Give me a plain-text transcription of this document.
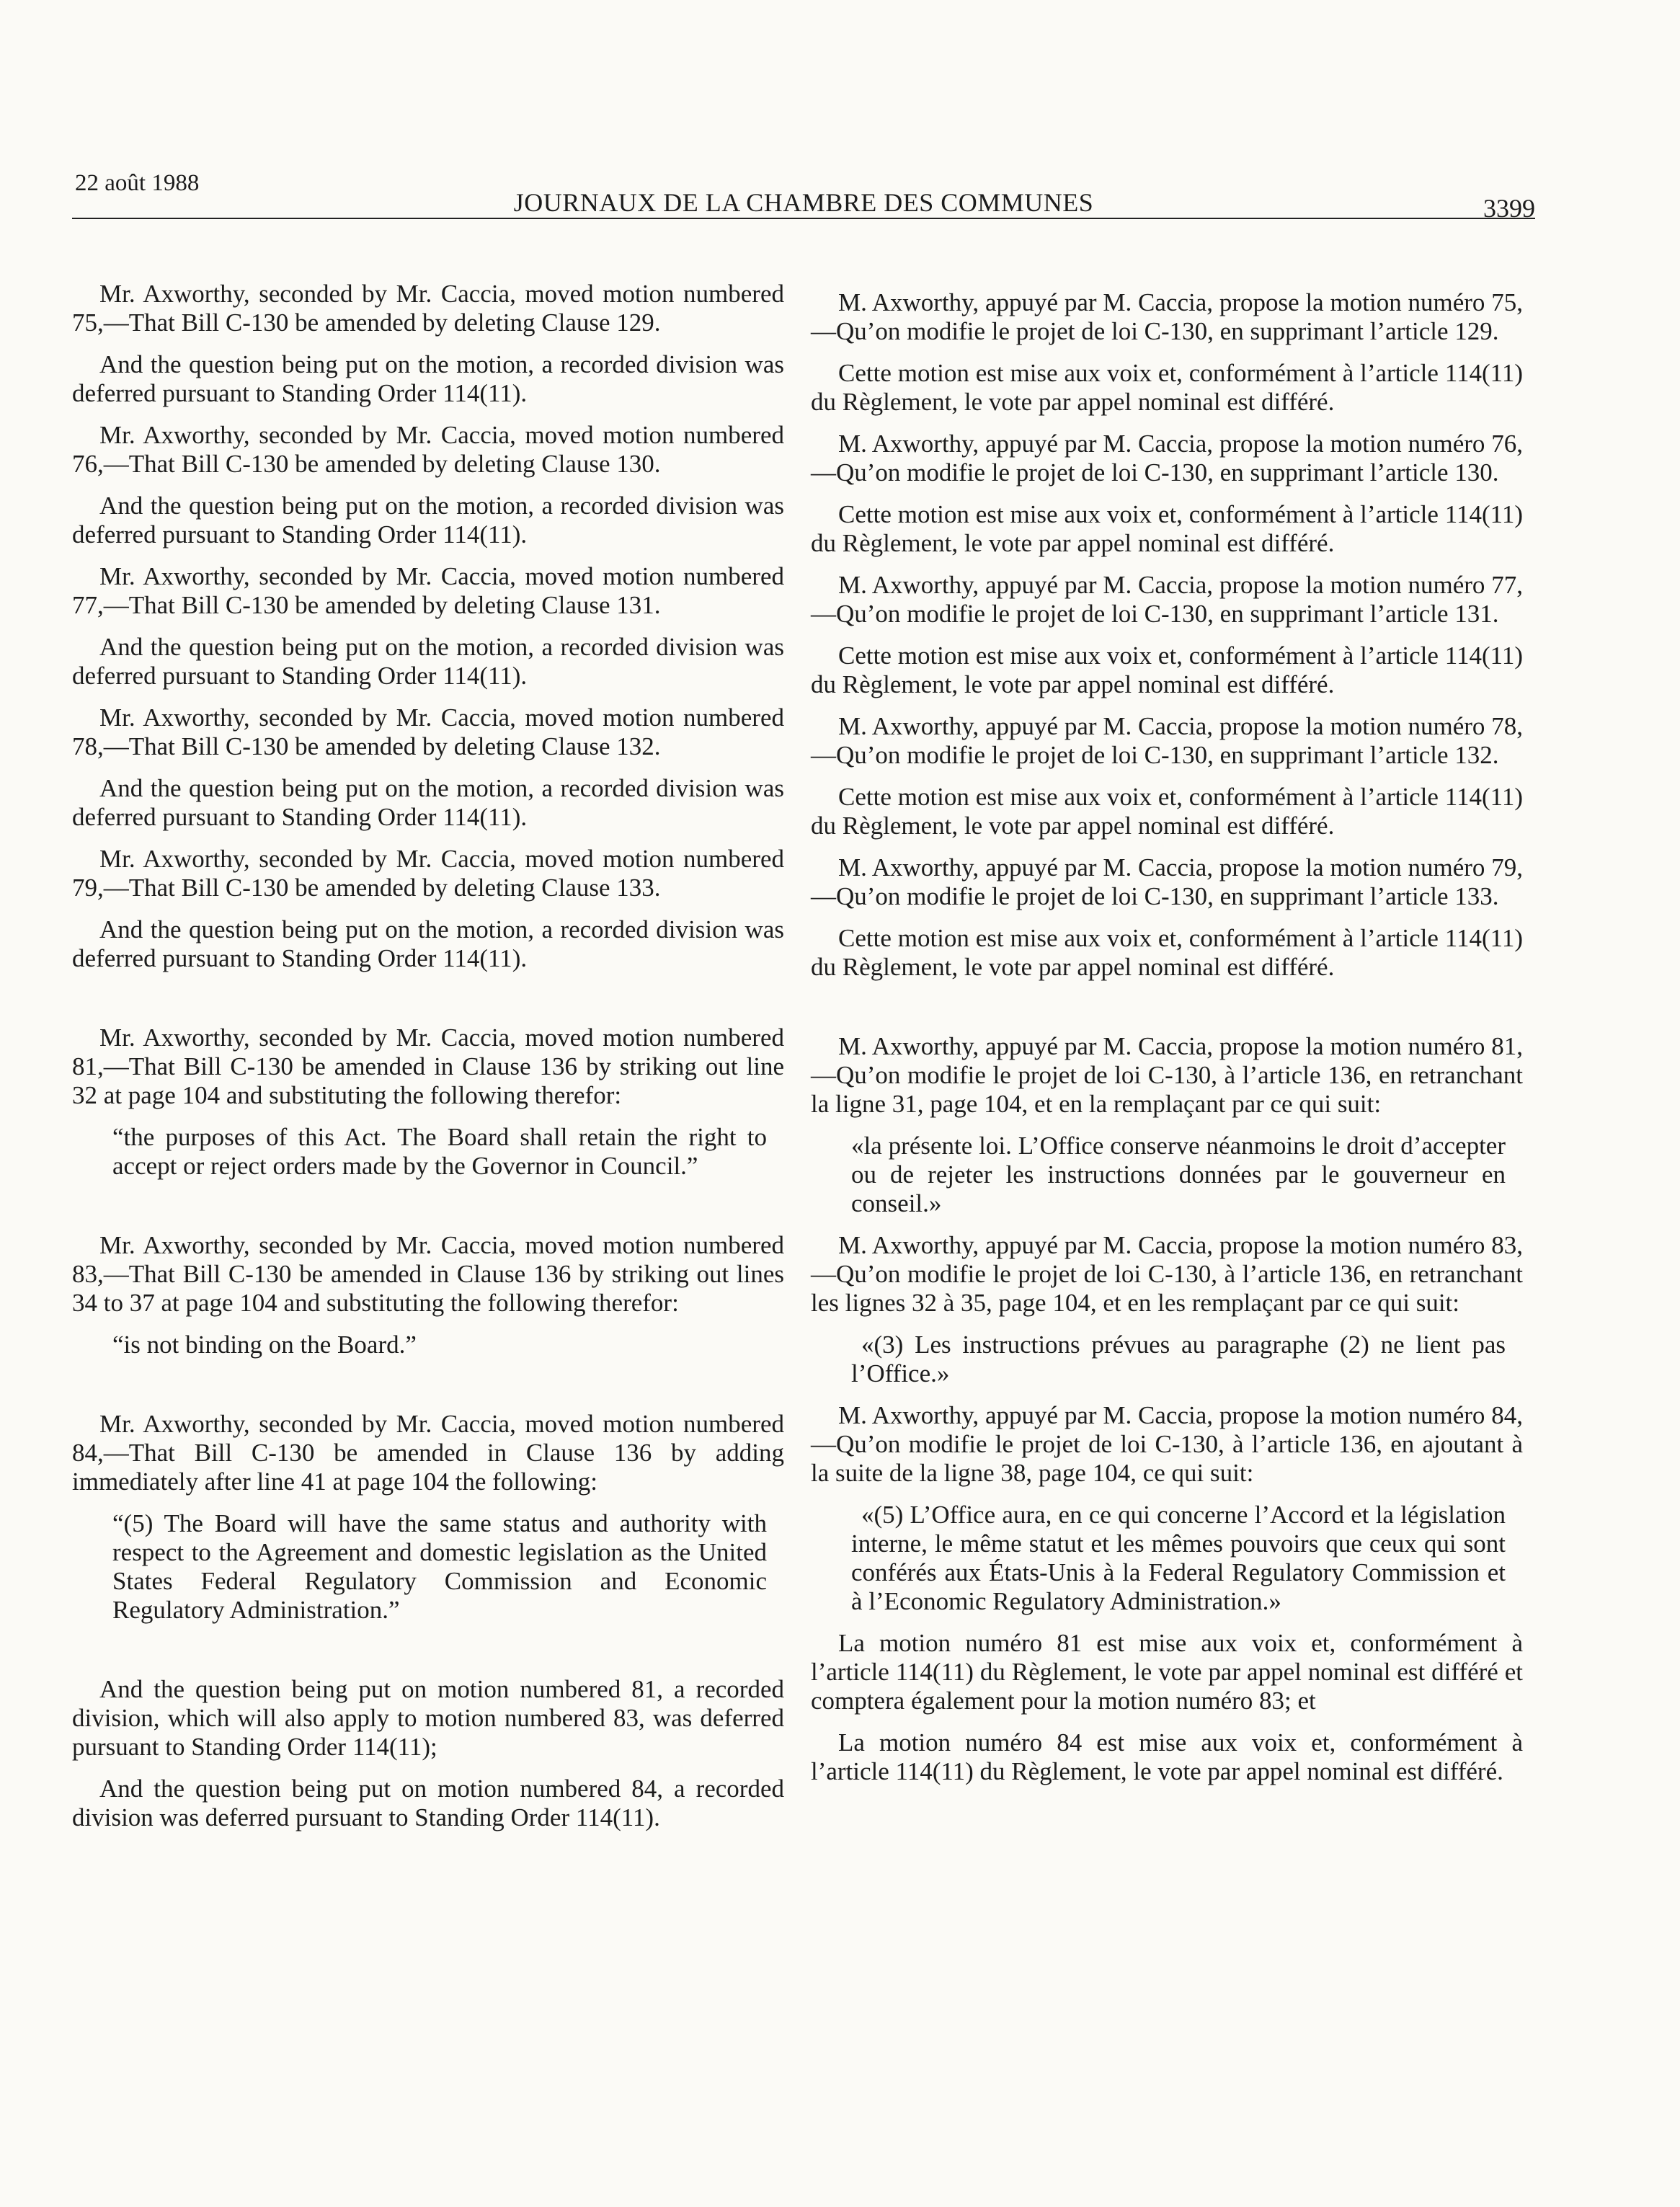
22 août 1988
JOURNAUX DE LA CHAMBRE DES COMMUNES	3399

Mr. Axworthy, seconded by Mr. Caccia, moved motion numbered 75,—That Bill C-130 be amended by deleting Clause 129.

And the question being put on the motion, a recorded division was deferred pursuant to Standing Order 114(11).

Mr. Axworthy, seconded by Mr. Caccia, moved motion numbered 76,—That Bill C-130 be amended by deleting Clause 130.

And the question being put on the motion, a recorded division was deferred pursuant to Standing Order 114(11).

Mr. Axworthy, seconded by Mr. Caccia, moved motion numbered 77,—That Bill C-130 be amended by deleting Clause 131.

And the question being put on the motion, a recorded division was deferred pursuant to Standing Order 114(11).

Mr. Axworthy, seconded by Mr. Caccia, moved motion numbered 78,—That Bill C-130 be amended by deleting Clause 132.

And the question being put on the motion, a recorded division was deferred pursuant to Standing Order 114(11).

Mr. Axworthy, seconded by Mr. Caccia, moved motion numbered 79,—That Bill C-130 be amended by deleting Clause 133.

And the question being put on the motion, a recorded division was deferred pursuant to Standing Order 114(11).

Mr. Axworthy, seconded by Mr. Caccia, moved motion numbered 81,—That Bill C-130 be amended in Clause 136 by striking out line 32 at page 104 and substituting the following therefor:

“the purposes of this Act. The Board shall retain the right to accept or reject orders made by the Governor in Council.”

Mr. Axworthy, seconded by Mr. Caccia, moved motion numbered 83,—That Bill C-130 be amended in Clause 136 by striking out lines 34 to 37 at page 104 and substituting the following therefor:

“is not binding on the Board.”

Mr. Axworthy, seconded by Mr. Caccia, moved motion numbered 84,—That Bill C-130 be amended in Clause 136 by adding immediately after line 41 at page 104 the following:

“(5) The Board will have the same status and authority with respect to the Agreement and domestic legislation as the United States Federal Regulatory Commission and Economic Regulatory Administration.”

And the question being put on motion numbered 81, a recorded division, which will also apply to motion numbered 83, was deferred pursuant to Standing Order 114(11);

And the question being put on motion numbered 84, a recorded division was deferred pursuant to Standing Order 114(11).

M. Axworthy, appuyé par M. Caccia, propose la motion numéro 75,—Qu’on modifie le projet de loi C-130, en supprimant l’article 129.

Cette motion est mise aux voix et, conformément à l’article 114(11) du Règlement, le vote par appel nominal est différé.

M. Axworthy, appuyé par M. Caccia, propose la motion numéro 76,—Qu’on modifie le projet de loi C-130, en supprimant l’article 130.

Cette motion est mise aux voix et, conformément à l’article 114(11) du Règlement, le vote par appel nominal est différé.

M. Axworthy, appuyé par M. Caccia, propose la motion numéro 77,—Qu’on modifie le projet de loi C-130, en supprimant l’article 131.

Cette motion est mise aux voix et, conformément à l’article 114(11) du Règlement, le vote par appel nominal est différé.

M. Axworthy, appuyé par M. Caccia, propose la motion numéro 78,—Qu’on modifie le projet de loi C-130, en supprimant l’article 132.

Cette motion est mise aux voix et, conformément à l’article 114(11) du Règlement, le vote par appel nominal est différé.

M. Axworthy, appuyé par M. Caccia, propose la motion numéro 79,—Qu’on modifie le projet de loi C-130, en supprimant l’article 133.

Cette motion est mise aux voix et, conformément à l’article 114(11) du Règlement, le vote par appel nominal est différé.

M. Axworthy, appuyé par M. Caccia, propose la motion numéro 81,—Qu’on modifie le projet de loi C-130, à l’article 136, en retranchant la ligne 31, page 104, et en la remplaçant par ce qui suit:

«la présente loi. L’Office conserve néanmoins le droit d’accepter ou de rejeter les instructions données par le gouverneur en conseil.»

M. Axworthy, appuyé par M. Caccia, propose la motion numéro 83,—Qu’on modifie le projet de loi C-130, à l’article 136, en retranchant les lignes 32 à 35, page 104, et en les remplaçant par ce qui suit:

«(3) Les instructions prévues au paragraphe (2) ne lient pas l’Office.»

M. Axworthy, appuyé par M. Caccia, propose la motion numéro 84,—Qu’on modifie le projet de loi C-130, à l’article 136, en ajoutant à la suite de la ligne 38, page 104, ce qui suit:

«(5) L’Office aura, en ce qui concerne l’Accord et la législation interne, le même statut et les mêmes pouvoirs que ceux qui sont conférés aux États-Unis à la Federal Regulatory Commission et à l’Economic Regulatory Administration.»

La motion numéro 81 est mise aux voix et, conformément à l’article 114(11) du Règlement, le vote par appel nominal est différé et comptera également pour la motion numéro 83; et

La motion numéro 84 est mise aux voix et, conformément à l’article 114(11) du Règlement, le vote par appel nominal est différé.
